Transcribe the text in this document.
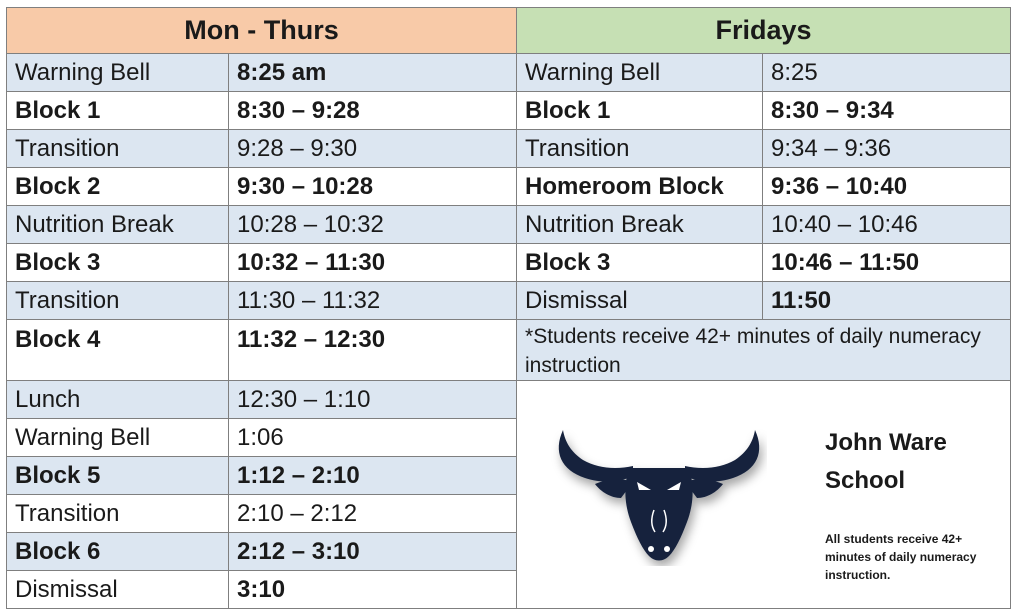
Mon - Thurs		Fridays	
Warning Bell	8:25 am	Warning Bell	8:25
Block 1	8:30 – 9:28	Block 1	8:30 – 9:34
Transition	9:28 – 9:30	Transition	9:34 – 9:36
Block 2	9:30 – 10:28	Homeroom Block	9:36 – 10:40
Nutrition Break	10:28 – 10:32	Nutrition Break	10:40 – 10:46
Block 3	10:32 – 11:30	Block 3	10:46 – 11:50
Transition	11:30 – 11:32	Dismissal	11:50
Block 4	11:32 – 12:30	*Students receive 42+ minutes of daily numeracy instruction	
Lunch	12:30 – 1:10	John Ware
School
All students receive 42+ minutes of daily numeracy instruction.	

Warning Bell	1:06		
Block 5	1:12 – 2:10		
Transition	2:10 – 2:12		
Block 6	2:12 – 3:10		
Dismissal	3:10		
